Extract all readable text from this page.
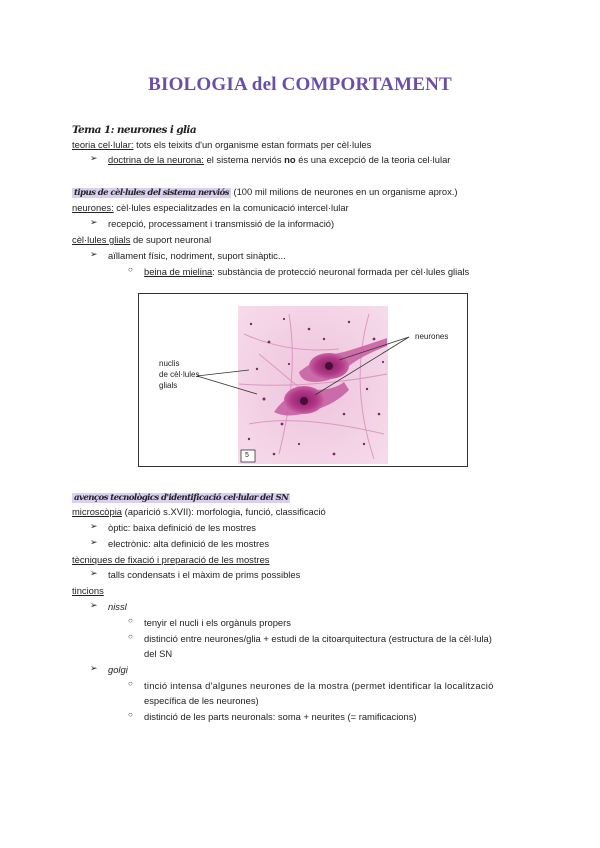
BIOLOGIA del COMPORTAMENT
Tema 1: neurones i glia
teoria cel·lular: tots els teixits d'un organisme estan formats per cèl·lules
➢ doctrina de la neurona: el sistema nerviós no és una excepció de la teoria cel·lular
tipus de cèl·lules del sistema nerviós (100 mil milions de neurones en un organisme aprox.)
neurones: cèl·lules especialitzades en la comunicació intercel·lular
➢ recepció, processament i transmissió de la informació)
cèl·lules glials de suport neuronal
➢ aïllament físic, nodriment, suport sinàptic...
○ beina de mielina: substància de protecció neuronal formada per cèl·lules glials
nuclis
de cèl·lules
glials
neurones
5
avenços tecnològics d'identificació cel·lular del SN
microscòpia (aparició s.XVII): morfologia, funció, classificació
➢ òptic: baixa definició de les mostres
➢ electrònic: alta definició de les mostres
tècniques de fixació i preparació de les mostres
➢ talls condensats i el màxim de prims possibles
tincions
➢ nissl
○ tenyir el nucli i els orgànuls propers
○ distinció entre neurones/glia + estudi de la citoarquitectura (estructura de la cèl·lula)
del SN
➢ golgi
○ tinció intensa d'algunes neurones de la mostra (permet identificar la localització
específica de les neurones)
○ distinció de les parts neuronals: soma + neurites (= ramificacions)
